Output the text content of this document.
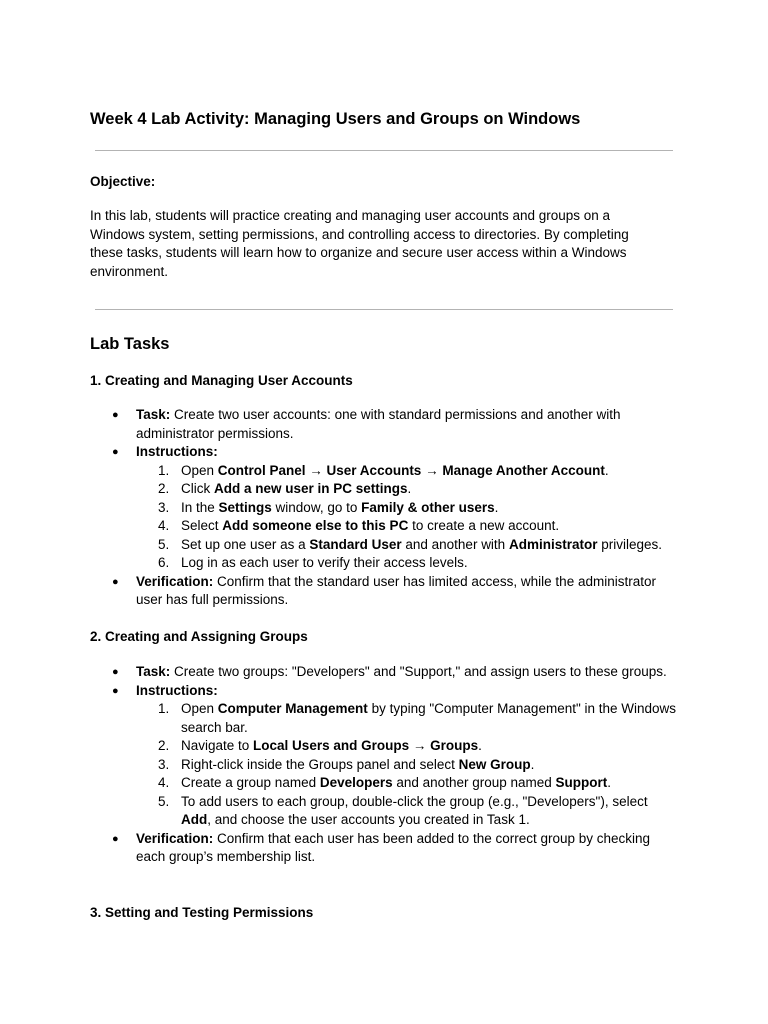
Week 4 Lab Activity: Managing Users and Groups on Windows
Objective:
In this lab, students will practice creating and managing user accounts and groups on a Windows system, setting permissions, and controlling access to directories. By completing these tasks, students will learn how to organize and secure user access within a Windows environment.
Lab Tasks
1. Creating and Managing User Accounts
● Task: Create two user accounts: one with standard permissions and another with administrator permissions.
● Instructions:
1. Open Control Panel → User Accounts → Manage Another Account.
2. Click Add a new user in PC settings.
3. In the Settings window, go to Family & other users.
4. Select Add someone else to this PC to create a new account.
5. Set up one user as a Standard User and another with Administrator privileges.
6. Log in as each user to verify their access levels.
● Verification: Confirm that the standard user has limited access, while the administrator user has full permissions.
2. Creating and Assigning Groups
● Task: Create two groups: "Developers" and "Support," and assign users to these groups.
● Instructions:
1. Open Computer Management by typing "Computer Management" in the Windows search bar.
2. Navigate to Local Users and Groups → Groups.
3. Right-click inside the Groups panel and select New Group.
4. Create a group named Developers and another group named Support.
5. To add users to each group, double-click the group (e.g., "Developers"), select Add, and choose the user accounts you created in Task 1.
● Verification: Confirm that each user has been added to the correct group by checking each group’s membership list.
3. Setting and Testing Permissions
